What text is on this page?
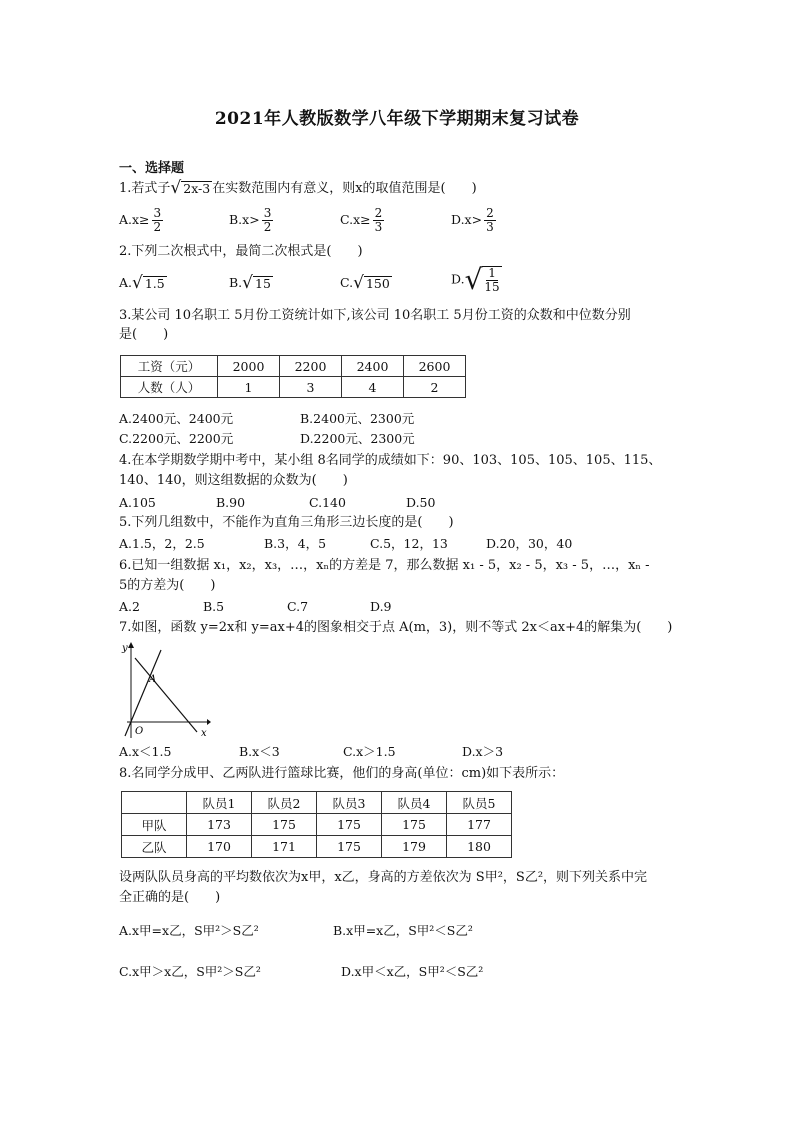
2021年人教版数学八年级下学期期末复习试卷
一、选择题
1.若式子 √ 2x-3 在实数范围内有意义，则x的取值范围是(　　)
$A.x\ge \frac{3}{2}$	$B.x> \frac{3}{2}$	$C.x\ge \frac{2}{3}$	$D.x> \frac{2}{3}$
2.下列二次根式中，最简二次根式是(　　)
A. √ 1.5	B. √ 15	C. √ 150	D. √ $\frac{1}{15}$
3.某公司 10名职工 5月份工资统计如下,该公司 10名职工 5月份工资的众数和中位数分别
是(　　)
工资（元）	2000	2200	2400	2600
人数（人）	1	3	4	2
A.2400元、2400元	B.2400元、2300元
C.2200元、2200元	D.2200元、2300元
4.在本学期数学期中考中，某小组 8名同学的成绩如下：90、103、105、105、105、115、
140、140，则这组数据的众数为(　　)
A.105	B.90	C.140	D.50
5.下列几组数中，不能作为直角三角形三边长度的是(　　)
A.1.5，2，2.5	B.3，4，5	C.5，12，13	D.20，30，40
6.已知一组数据 x₁，x₂，x₃，…，xₙ的方差是 7，那么数据 x₁ - 5，x₂ - 5，x₃ - 5，…，xₙ -
5的方差为(　　)
A.2	B.5	C.7	D.9
7.如图，函数 y=2x和 y=ax+4的图象相交于点 A(m，3)，则不等式 2x＜ax+4的解集为(　　)
y
x
O
A
A.x＜1.5	B.x＜3	C.x＞1.5	D.x＞3
8.名同学分成甲、乙两队进行篮球比赛，他们的身高(单位：cm)如下表所示：
	队员1	队员2	队员3	队员4	队员5
甲队	173	175	175	175	177
乙队	170	171	175	179	180
设两队队员身高的平均数依次为x甲，x乙，身高的方差依次为 S甲²，S乙²，则下列关系中完
全正确的是(　　)
A.x甲=x乙，S甲²＞S乙²	B.x甲=x乙，S甲²＜S乙²
C.x甲＞x乙，S甲²＞S乙²	D.x甲＜x乙，S甲²＜S乙²
